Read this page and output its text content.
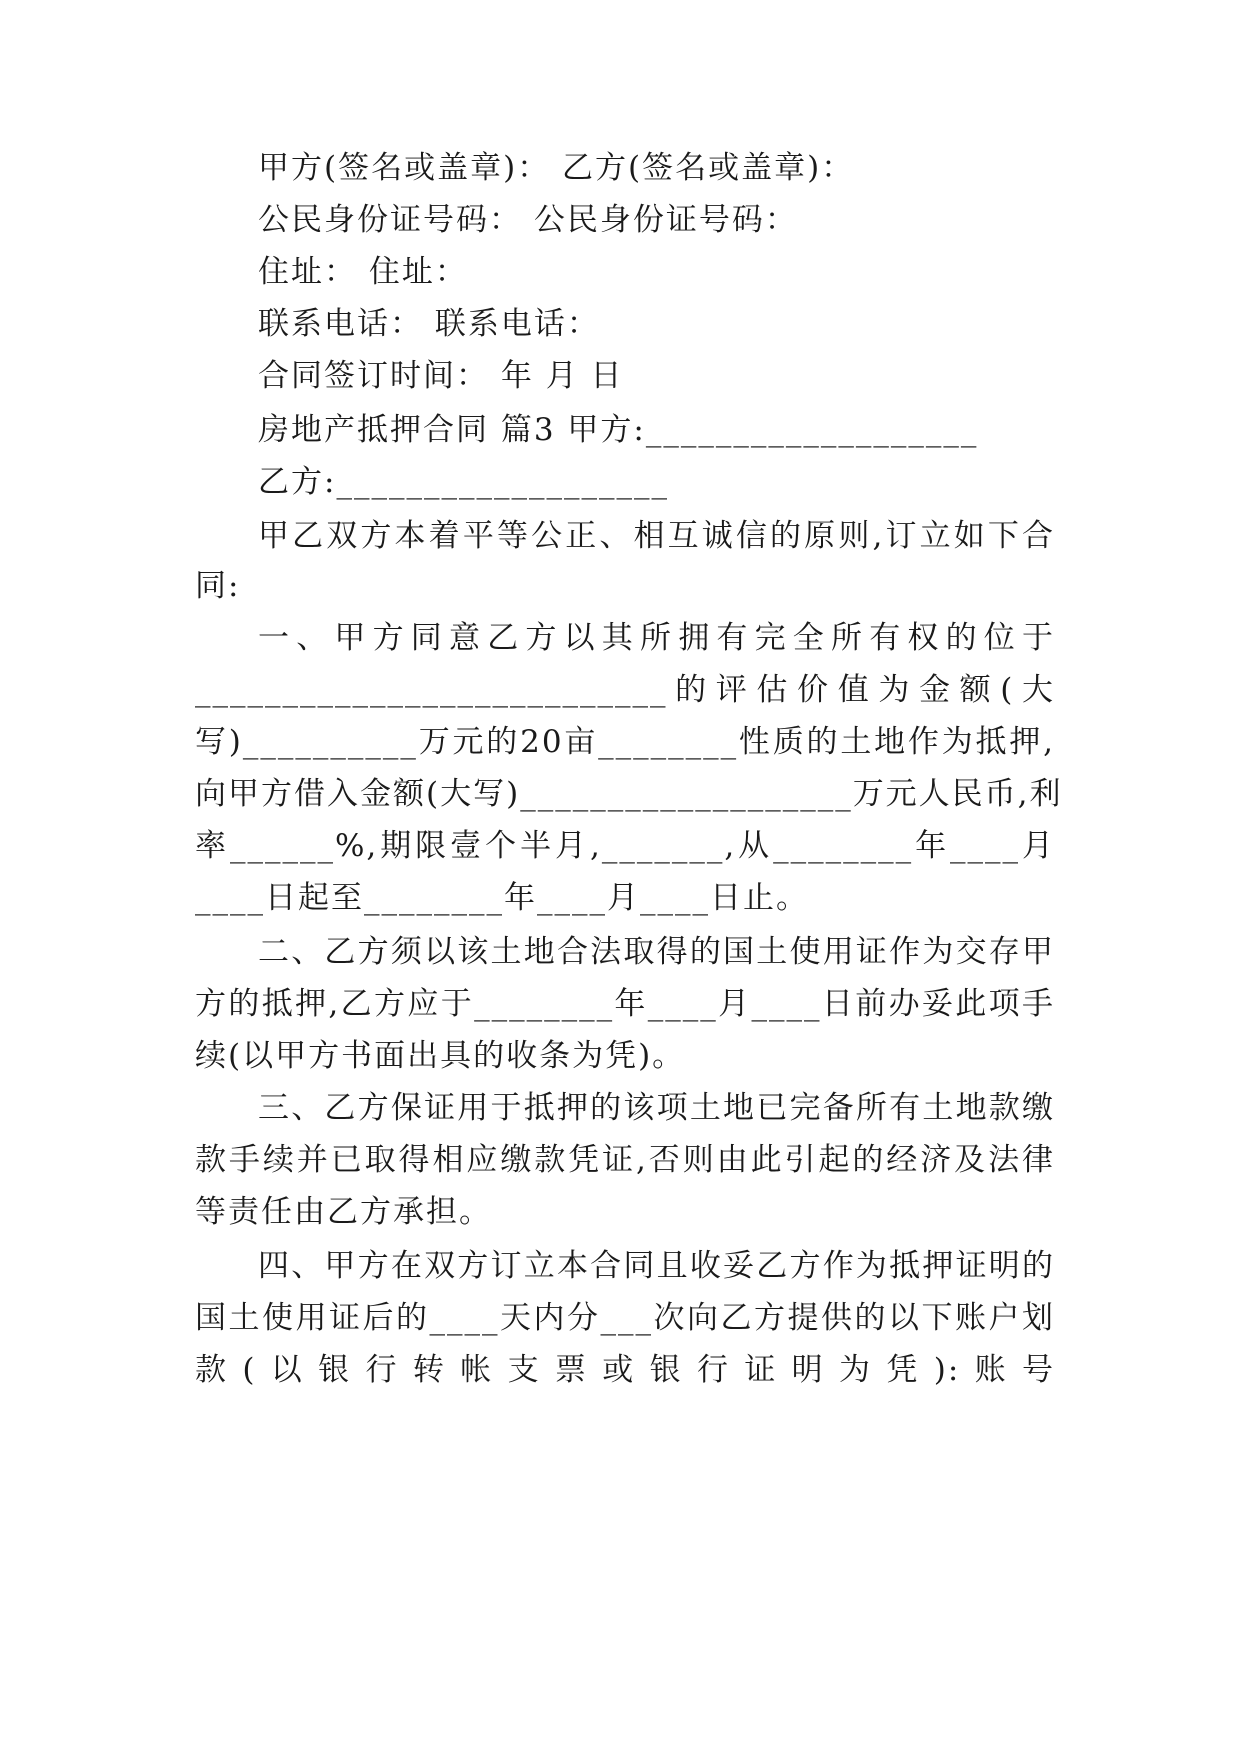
甲方(签名或盖章)： 乙方(签名或盖章)：
公民身份证号码： 公民身份证号码：
住址： 住址：
联系电话： 联系电话：
合同签订时间： 年 月 日
房地产抵押合同 篇3 甲方:___________________
乙方:___________________
甲乙双方本着平等公正、相互诚信的原则,订立如下合
同:
一、甲方同意乙方以其所拥有完全所有权的位于
___________________________的评估价值为金额(大
写)__________万元的20亩________性质的土地作为抵押,
向甲方借入金额(大写)___________________万元人民币,利
率______%,期限壹个半月,_______,从________年____月
____日起至________年____月____日止。
二、乙方须以该土地合法取得的国土使用证作为交存甲
方的抵押,乙方应于________年____月____日前办妥此项手
续(以甲方书面出具的收条为凭)。
三、乙方保证用于抵押的该项土地已完备所有土地款缴
款手续并已取得相应缴款凭证,否则由此引起的经济及法律
等责任由乙方承担。
四、甲方在双方订立本合同且收妥乙方作为抵押证明的
国土使用证后的____天内分___次向乙方提供的以下账户划
款(以银行转帐支票或银行证明为凭):账号
